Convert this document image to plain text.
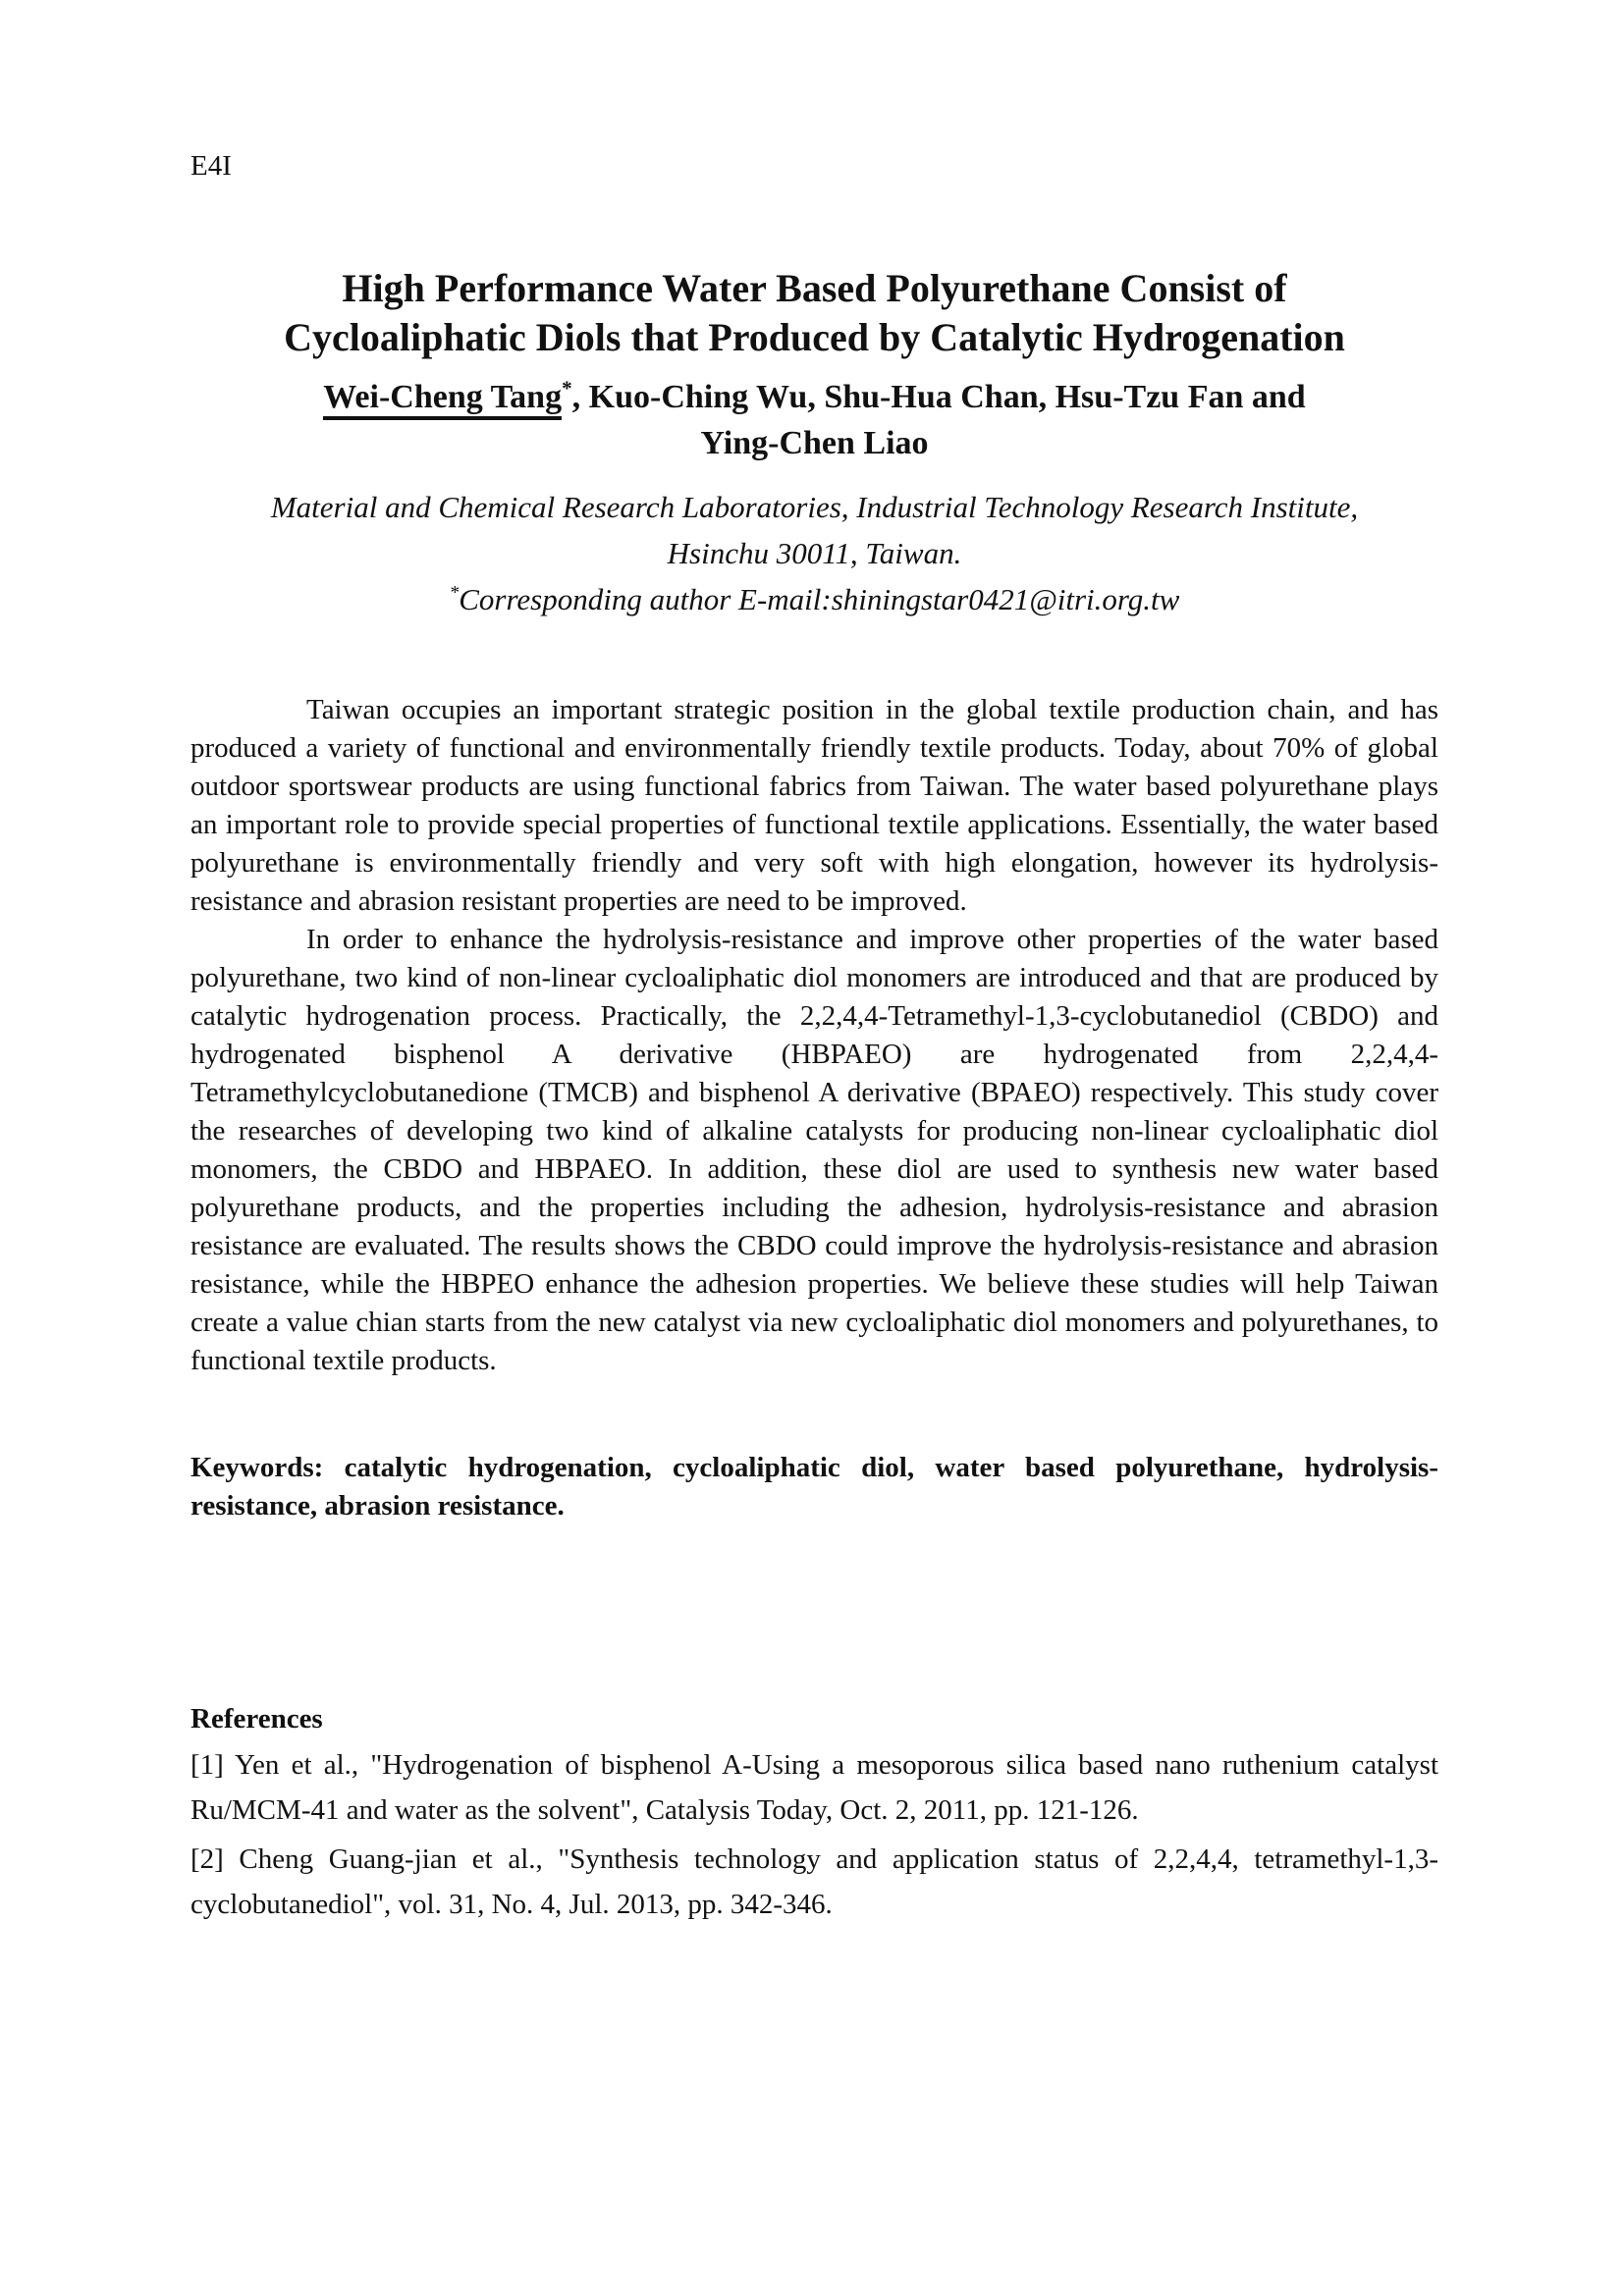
E4I
High Performance Water Based Polyurethane Consist of
Cycloaliphatic Diols that Produced by Catalytic Hydrogenation
Wei-Cheng Tang*, Kuo-Ching Wu, Shu-Hua Chan, Hsu-Tzu Fan and
Ying-Chen Liao
Material and Chemical Research Laboratories, Industrial Technology Research Institute,
Hsinchu 30011, Taiwan.
*Corresponding author E-mail:shiningstar0421@itri.org.tw

Taiwan occupies an important strategic position in the global textile production chain, and has produced a variety of functional and environmentally friendly textile products. Today, about 70% of global outdoor sportswear products are using functional fabrics from Taiwan. The water based polyurethane plays an important role to provide special properties of functional textile applications. Essentially, the water based polyurethane is environmentally friendly and very soft with high elongation, however its hydrolysis-resistance and abrasion resistant properties are need to be improved.

In order to enhance the hydrolysis-resistance and improve other properties of the water based polyurethane, two kind of non-linear cycloaliphatic diol monomers are introduced and that are produced by catalytic hydrogenation process. Practically, the 2,2,4,4-Tetramethyl-1,3-cyclobutanediol (CBDO) and hydrogenated bisphenol A derivative (HBPAEO) are hydrogenated from 2,2,4,4-Tetramethylcyclobutanedione (TMCB) and bisphenol A derivative (BPAEO) respectively. This study cover the researches of developing two kind of alkaline catalysts for producing non-linear cycloaliphatic diol monomers, the CBDO and HBPAEO. In addition, these diol are used to synthesis new water based polyurethane products, and the properties including the adhesion, hydrolysis-resistance and abrasion resistance are evaluated. The results shows the CBDO could improve the hydrolysis-resistance and abrasion resistance, while the HBPEO enhance the adhesion properties. We believe these studies will help Taiwan create a value chian starts from the new catalyst via new cycloaliphatic diol monomers and polyurethanes, to functional textile products.

Keywords: catalytic hydrogenation, cycloaliphatic diol, water based polyurethane, hydrolysis-resistance, abrasion resistance.
References

[1] Yen et al., "Hydrogenation of bisphenol A-Using a mesoporous silica based nano ruthenium catalyst Ru/MCM-41 and water as the solvent", Catalysis Today, Oct. 2, 2011, pp. 121-126.

[2] Cheng Guang-jian et al., "Synthesis technology and application status of 2,2,4,4, tetramethyl-1,3-cyclobutanediol", vol. 31, No. 4, Jul. 2013, pp. 342-346.
